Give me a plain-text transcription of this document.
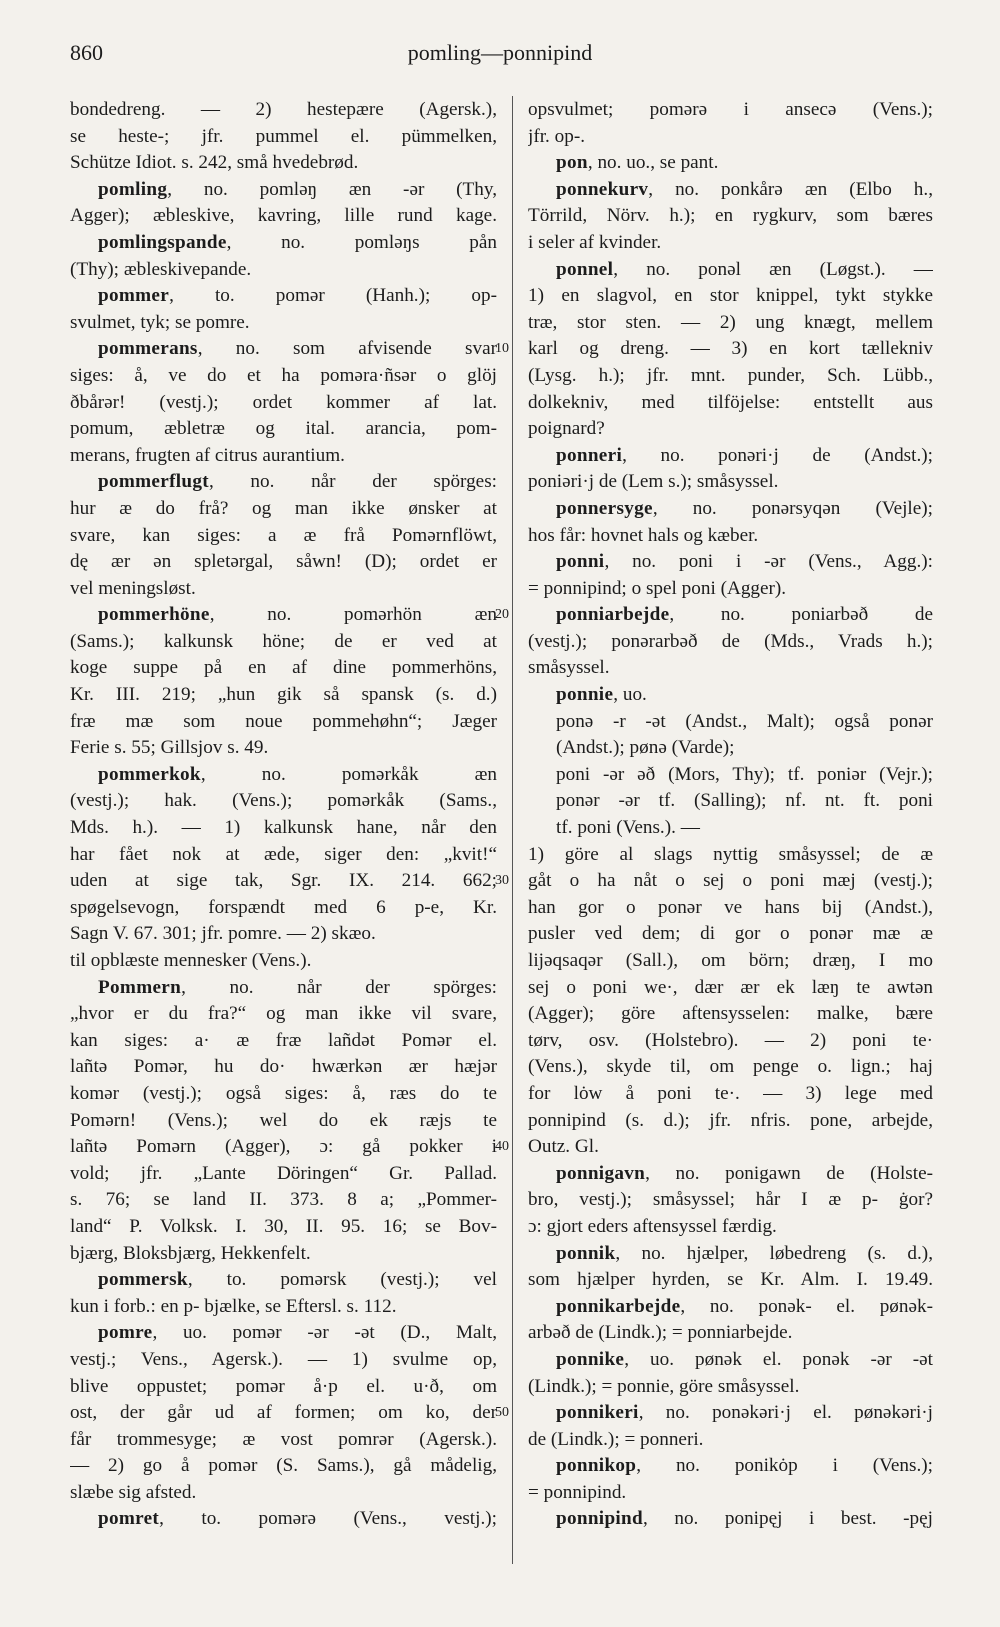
860	pomling—ponnipind
bondedreng. — 2) hestepære (Agersk.),
se heste-; jfr. pummel el. pümmelken,
Schütze Idiot. s. 242, små hvedebrød.
pomling, no. pomlәŋ æn -әr (Thy,
Agger); æbleskive, kavring, lille rund kage.
pomlingspande, no. pomlәŋs pån
(Thy); æbleskivepande.
pommer, to. pomәr (Hanh.); op-
svulmet, tyk; se pomre.
pommerans, no. som afvisende svar
siges: å, ve do et ha pomәra·ñsәr o glöj
ðbårәr! (vestj.); ordet kommer af lat.
pomum, æbletræ og ital. arancia, pom-
merans, frugten af citrus aurantium.
pommerflugt, no. når der spörges:
hur æ do frå? og man ikke ønsker at
svare, kan siges: a æ frå Pomәrnflöwt,
dę ær әn spletәrgal, såwn! (D); ordet er
vel meningsløst.
pommerhöne, no. pomәrhӧn æn
(Sams.); kalkunsk höne; de er ved at
koge suppe på en af dine pommerhöns,
Kr. III. 219; „hun gik så spansk (s. d.)
fræ mæ som noue pommehøhn“; Jæger
Ferie s. 55; Gillsjov s. 49.
pommerkok, no. pomәrkåk æn
(vestj.); hak. (Vens.); pomәrkåk (Sams.,
Mds. h.). — 1) kalkunsk hane, når den
har fået nok at æde, siger den: „kvit!“
uden at sige tak, Sgr. IX. 214. 662;
spøgelsevogn, forspændt med 6 p-e, Kr.
Sagn V. 67. 301; jfr. pomre. — 2) skæo.
til opblæste mennesker (Vens.).
Pommern, no. når der spörges:
„hvor er du fra?“ og man ikke vil svare,
kan siges: a· æ fræ lañdәt Pomәr el.
lañtә Pomәr, hu do· hwærkәn ær hæjәr
komәr (vestj.); også siges: å, ræs do te
Pomәrn! (Vens.); wel do ek ræjs te
lañtә Pomәrn (Agger), ɔ: gå pokker i
vold; jfr. „Lante Döringen“ Gr. Pallad.
s. 76; se land II. 373. 8 a; „Pommer-
land“ P. Volksk. I. 30, II. 95. 16; se Bov-
bjærg, Bloksbjærg, Hekkenfelt.
pommersk, to. pomәrsk (vestj.); vel
kun i forb.: en p- bjælke, se Eftersl. s. 112.
pomre, uo. pomәr -әr -әt (D., Malt,
vestj.; Vens., Agersk.). — 1) svulme op,
blive oppustet; pomәr å·p el. u·ð, om
ost, der går ud af formen; om ko, der
får trommesyge; æ vost pomrәr (Agersk.).
— 2) go å pomәr (S. Sams.), gå mådelig,
slæbe sig afsted.
pomret, to. pomәrә (Vens., vestj.);
10
20
30
40
50
opsvulmet; pomәrә i ansecә (Vens.);
jfr. op-.
pon, no. uo., se pant.
ponnekurv, no. ponkårә æn (Elbo h.,
Törrild, Nörv. h.); en rygkurv, som bæres
i seler af kvinder.
ponnel, no. ponәl æn (Løgst.). —
1) en slagvol, en stor knippel, tykt stykke
træ, stor sten. — 2) ung knægt, mellem
karl og dreng. — 3) en kort tællekniv
(Lysg. h.); jfr. mnt. punder, Sch. Lübb.,
dolkekniv, med tilföjelse: entstellt aus
poignard?
ponneri, no. ponәri·j de (Andst.);
poniәri·j de (Lem s.); småsyssel.
ponnersyge, no. ponәrsyqәn (Vejle);
hos får: hovnet hals og kæber.
ponni, no. poni i -әr (Vens., Agg.):
= ponnipind; o spel poni (Agger).
ponniarbejde, no. poniarbәð de
(vestj.); ponәrarbәð de (Mds., Vrads h.);
småsyssel.
ponnie, uo.
ponә -r -әt (Andst., Malt); også ponәr
(Andst.); pønә (Varde);
poni -әr әð (Mors, Thy); tf. poniәr (Vejr.);
ponәr -әr tf. (Salling); nf. nt. ft. poni
tf. poni (Vens.). —
1) göre al slags nyttig småsyssel; de æ
gåt o ha nåt o sej o poni mæj (vestj.);
han gor o ponәr ve hans bij (Andst.),
pusler ved dem; di gor o ponәr mæ æ
lijәqsaqәr (Sall.), om börn; dræŋ, I mo
sej o poni we·, dær ær ek læŋ te awtәn
(Agger); göre aftensysselen: malke, bære
tørv, osv. (Holstebro). — 2) poni te·
(Vens.), skyde til, om penge o. lign.; haj
for lȯw å poni te·. — 3) lege med
ponnipind (s. d.); jfr. nfris. pone, arbejde,
Outz. Gl.
ponnigavn, no. ponigawn de (Holste-
bro, vestj.); småsyssel; hår I æ p- ġor?
ɔ: gjort eders aftensyssel færdig.
ponnik, no. hjælper, løbedreng (s. d.),
som hjælper hyrden, se Kr. Alm. I. 19.49.
ponnikarbejde, no. ponәk- el. pønәk-
arbәð de (Lindk.); = ponniarbejde.
ponnike, uo. pønәk el. ponәk -әr -әt
(Lindk.); = ponnie, göre småsyssel.
ponnikeri, no. ponәkәri·j el. pønәkәri·j
de (Lindk.); = ponneri.
ponnikop, no. ponikȯp i (Vens.);
= ponnipind.
ponnipind, no. ponipęj i best. -pęj
